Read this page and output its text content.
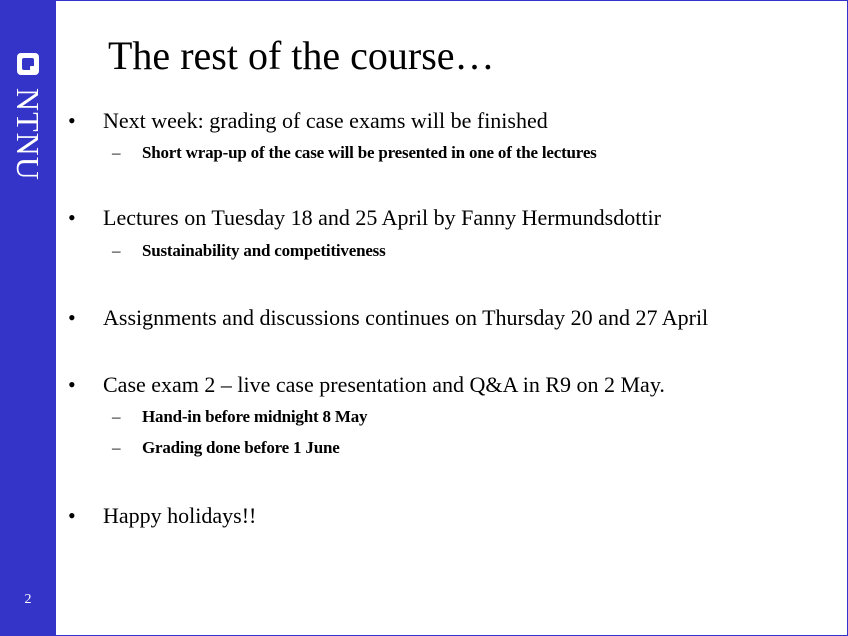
NTNU
2
The rest of the course…
• Next week: grading of case exams will be finished
– Short wrap-up of the case will be presented in one of the lectures
• Lectures on Tuesday 18 and 25 April by Fanny Hermundsdottir
– Sustainability and competitiveness
• Assignments and discussions continues on Thursday 20 and 27 April
• Case exam 2 – live case presentation and Q&A in R9 on 2 May.
– Hand-in before midnight 8 May
– Grading done before 1 June
• Happy holidays!!
